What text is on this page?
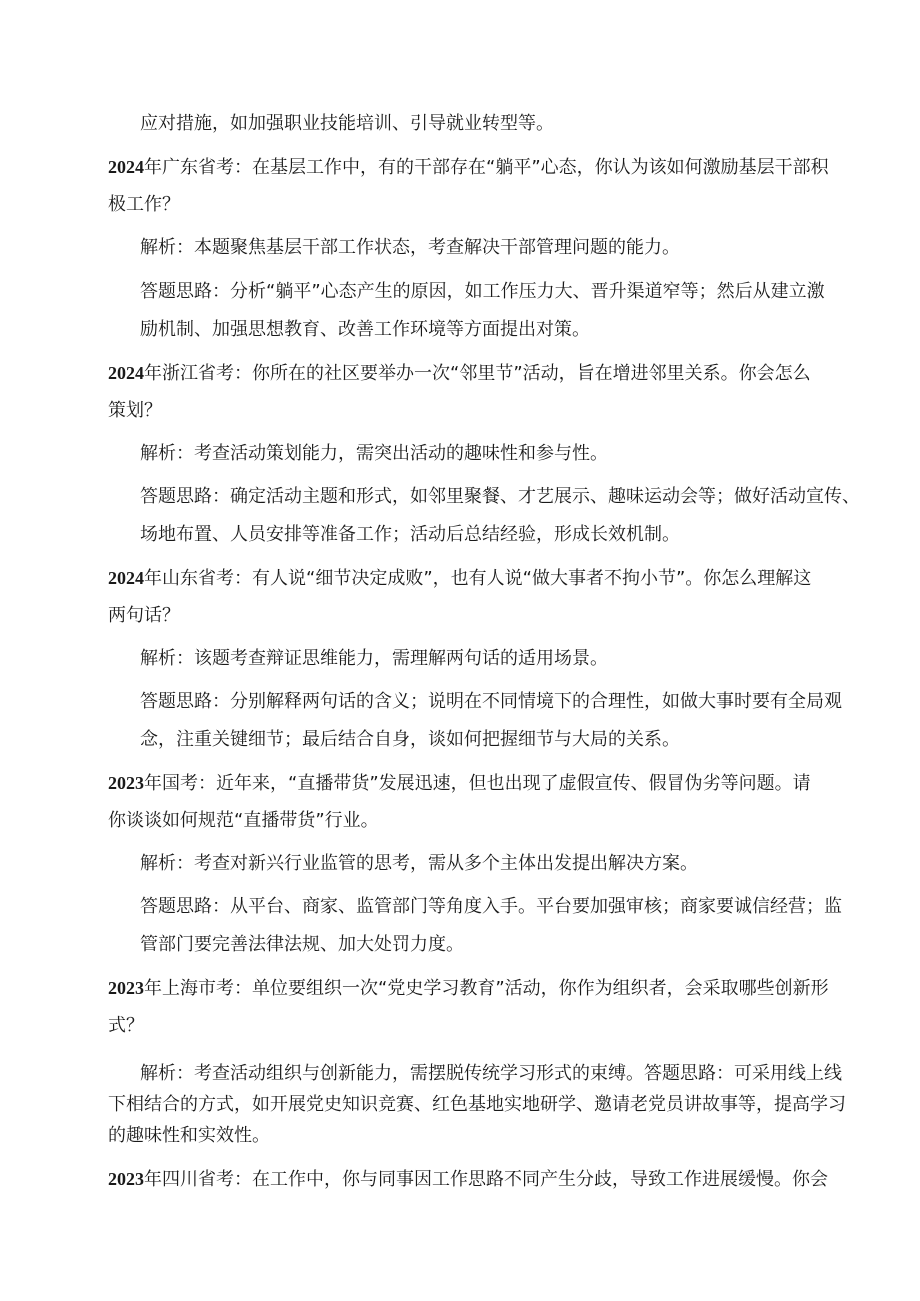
应对措施，如加强职业技能培训、引导就业转型等。
2024年广东省考：在基层工作中，有的干部存在“躺平”心态，你认为该如何激励基层干部积
极工作？
解析：本题聚焦基层干部工作状态，考查解决干部管理问题的能力。
答题思路：分析“躺平”心态产生的原因，如工作压力大、晋升渠道窄等；然后从建立激
励机制、加强思想教育、改善工作环境等方面提出对策。
2024年浙江省考：你所在的社区要举办一次“邻里节”活动，旨在增进邻里关系。你会怎么
策划？
解析：考查活动策划能力，需突出活动的趣味性和参与性。
答题思路：确定活动主题和形式，如邻里聚餐、才艺展示、趣味运动会等；做好活动宣传、
场地布置、人员安排等准备工作；活动后总结经验，形成长效机制。
2024年山东省考：有人说“细节决定成败”，也有人说“做大事者不拘小节”。你怎么理解这
两句话？
解析：该题考查辩证思维能力，需理解两句话的适用场景。
答题思路：分别解释两句话的含义；说明在不同情境下的合理性，如做大事时要有全局观
念，注重关键细节；最后结合自身，谈如何把握细节与大局的关系。
2023年国考：近年来，“直播带货”发展迅速，但也出现了虚假宣传、假冒伪劣等问题。请
你谈谈如何规范“直播带货”行业。
解析：考查对新兴行业监管的思考，需从多个主体出发提出解决方案。
答题思路：从平台、商家、监管部门等角度入手。平台要加强审核；商家要诚信经营；监
管部门要完善法律法规、加大处罚力度。
2023年上海市考：单位要组织一次“党史学习教育”活动，你作为组织者，会采取哪些创新形
式？
解析：考查活动组织与创新能力，需摆脱传统学习形式的束缚。答题思路：可采用线上线
下相结合的方式，如开展党史知识竞赛、红色基地实地研学、邀请老党员讲故事等，提高学习
的趣味性和实效性。
2023年四川省考：在工作中，你与同事因工作思路不同产生分歧，导致工作进展缓慢。你会
